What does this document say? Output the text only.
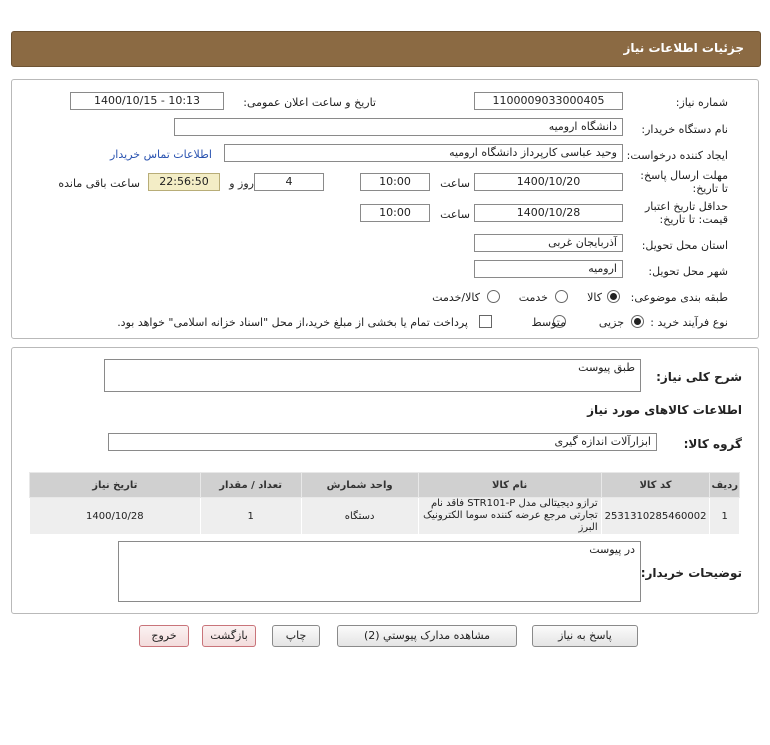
جزئیات اطلاعات نیاز
شماره نیاز:
1100009033000405
تاریخ و ساعت اعلان عمومی:
1400/10/15 - 10:13
نام دستگاه خریدار:
دانشگاه ارومیه
ایجاد کننده درخواست:
وحید عباسی کارپرداز دانشگاه ارومیه
اطلاعات تماس خریدار
مهلت ارسال پاسخ: تا تاریخ:
1400/10/20
ساعت
10:00
4
روز و
22:56:50
ساعت باقی مانده
حداقل تاریخ اعتبار قیمت: تا تاریخ:
1400/10/28
ساعت
10:00
استان محل تحویل:
آذربایجان غربی
شهر محل تحویل:
ارومیه
طبقه بندی موضوعی:
کالا
خدمت
کالا/خدمت
نوع فرآیند خرید :
جزیی
متوسط
پرداخت تمام یا بخشی از مبلغ خرید،از محل "اسناد خزانه اسلامی" خواهد بود.
شرح کلی نیاز:
طبق پیوست
اطلاعات کالاهای مورد نیاز
گروه کالا:
ابزارآلات اندازه گیری
ردیف	کد کالا	نام کالا	واحد شمارش	تعداد / مقدار	تاریخ نیاز
1	2531310285460002	ترازو دیجیتالی مدل STR101-P فاقد نام تجارتی مرجع عرضه کننده سوما الکترونیک البرز	دستگاه	1	1400/10/28
توضیحات خریدار:
در پیوست
پاسخ به نیاز
مشاهده مدارک پیوستي (2)
چاپ
بازگشت
خروج
